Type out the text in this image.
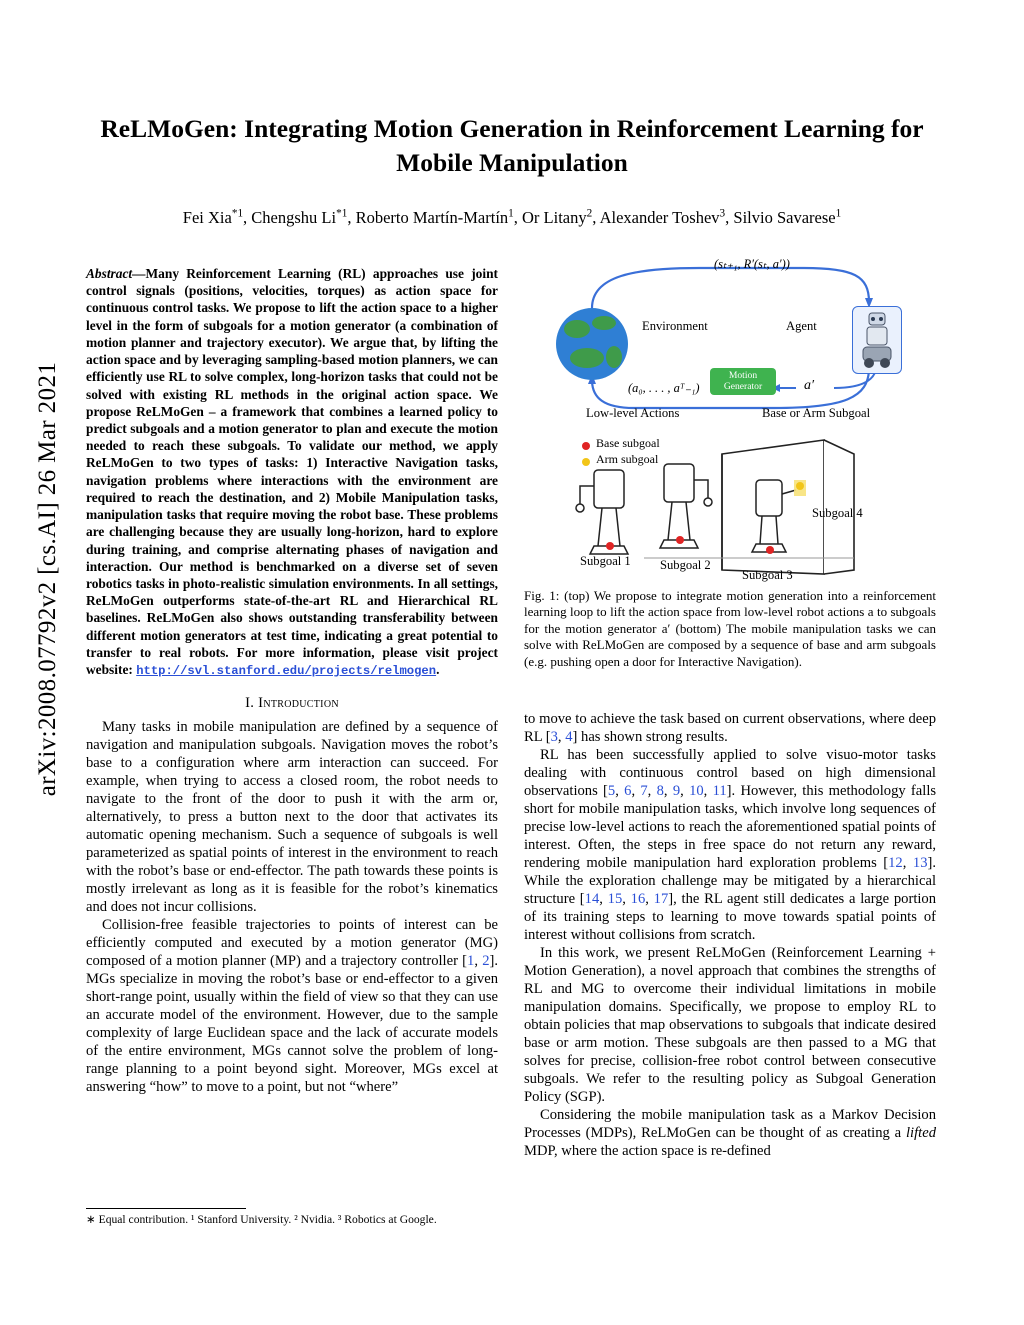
arXiv:2008.07792v2 [cs.AI] 26 Mar 2021
ReLMoGen: Integrating Motion Generation in Reinforcement Learning for Mobile Manipulation
Fei Xia$^{*1}$, Chengshu Li$^{*1}$, Roberto Martín-Martín$^1$, Or Litany$^2$, Alexander Toshev$^3$, Silvio Savarese$^1$
Abstract—Many Reinforcement Learning (RL) approaches use joint control signals (positions, velocities, torques) as action space for continuous control tasks. We propose to lift the action space to a higher level in the form of subgoals for a motion generator (a combination of motion planner and trajectory executor). We argue that, by lifting the action space and by leveraging sampling-based motion planners, we can efficiently use RL to solve complex, long-horizon tasks that could not be solved with existing RL methods in the original action space. We propose ReLMoGen – a framework that combines a learned policy to predict subgoals and a motion generator to plan and execute the motion needed to reach these subgoals. To validate our method, we apply ReLMoGen to two types of tasks: 1) Interactive Navigation tasks, navigation problems where interactions with the environment are required to reach the destination, and 2) Mobile Manipulation tasks, manipulation tasks that require moving the robot base. These problems are challenging because they are usually long-horizon, hard to explore during training, and comprise alternating phases of navigation and interaction. Our method is benchmarked on a diverse set of seven robotics tasks in photo-realistic simulation environments. In all settings, ReLMoGen outperforms state-of-the-art RL and Hierarchical RL baselines. ReLMoGen also shows outstanding transferability between different motion generators at test time, indicating a great potential to transfer to real robots. For more information, please visit project website: http://svl.stanford.edu/projects/relmogen.
I. Introduction

Many tasks in mobile manipulation are defined by a sequence of navigation and manipulation subgoals. Navigation moves the robot’s base to a configuration where arm interaction can succeed. For example, when trying to access a closed room, the robot needs to navigate to the front of the door to push it with the arm or, alternatively, to press a button next to the door that activates its automatic opening mechanism. Such a sequence of subgoals is well parameterized as spatial points of interest in the environment to reach with the robot’s base or end-effector. The path towards these points is mostly irrelevant as long as it is feasible for the robot’s kinematics and does not incur collisions.

Collision-free feasible trajectories to points of interest can be efficiently computed and executed by a motion generator (MG) composed of a motion planner (MP) and a trajectory controller [1, 2]. MGs specialize in moving the robot’s base or end-effector to a given short-range point, usually within the field of view so that they can use an accurate model of the environment. However, due to the sample complexity of large Euclidean space and the lack of accurate models of the entire environment, MGs cannot solve the problem of long-range planning to a point beyond sight. Moreover, MGs excel at answering “how” to move to a point, but not “where”

∗ Equal contribution. ¹ Stanford University. ² Nvidia. ³ Robotics at Google.
Motion
Generator
(sₜ₊₁, R′(sₜ, a′))
(a₀, . . . , aᵀ₋₁)
Environment	Agent
a′
Low-level Actions	Base or Arm Subgoal
Base subgoal
Arm subgoal
Subgoal 1 Subgoal 2
Subgoal 3
Subgoal 4
Fig. 1: (top) We propose to integrate motion generation into a reinforcement learning loop to lift the action space from low-level robot actions a to subgoals for the motion generator a′ (bottom) The mobile manipulation tasks we can solve with ReLMoGen are composed by a sequence of base and arm subgoals (e.g. pushing open a door for Interactive Navigation).

to move to achieve the task based on current observations, where deep RL [3, 4] has shown strong results.

RL has been successfully applied to solve visuo-motor tasks dealing with continuous control based on high dimensional observations [5, 6, 7, 8, 9, 10, 11]. However, this methodology falls short for mobile manipulation tasks, which involve long sequences of precise low-level actions to reach the aforementioned spatial points of interest. Often, the steps in free space do not return any reward, rendering mobile manipulation hard exploration problems [12, 13]. While the exploration challenge may be mitigated by a hierarchical structure [14, 15, 16, 17], the RL agent still dedicates a large portion of its training steps to learning to move towards spatial points of interest without collisions from scratch.

In this work, we present ReLMoGen (Reinforcement Learning + Motion Generation), a novel approach that combines the strengths of RL and MG to overcome their individual limitations in mobile manipulation domains. Specifically, we propose to employ RL to obtain policies that map observations to subgoals that indicate desired base or arm motion. These subgoals are then passed to a MG that solves for precise, collision-free robot control between consecutive subgoals. We refer to the resulting policy as Subgoal Generation Policy (SGP).

Considering the mobile manipulation task as a Markov Decision Processes (MDPs), ReLMoGen can be thought of as creating a lifted MDP, where the action space is re-defined
